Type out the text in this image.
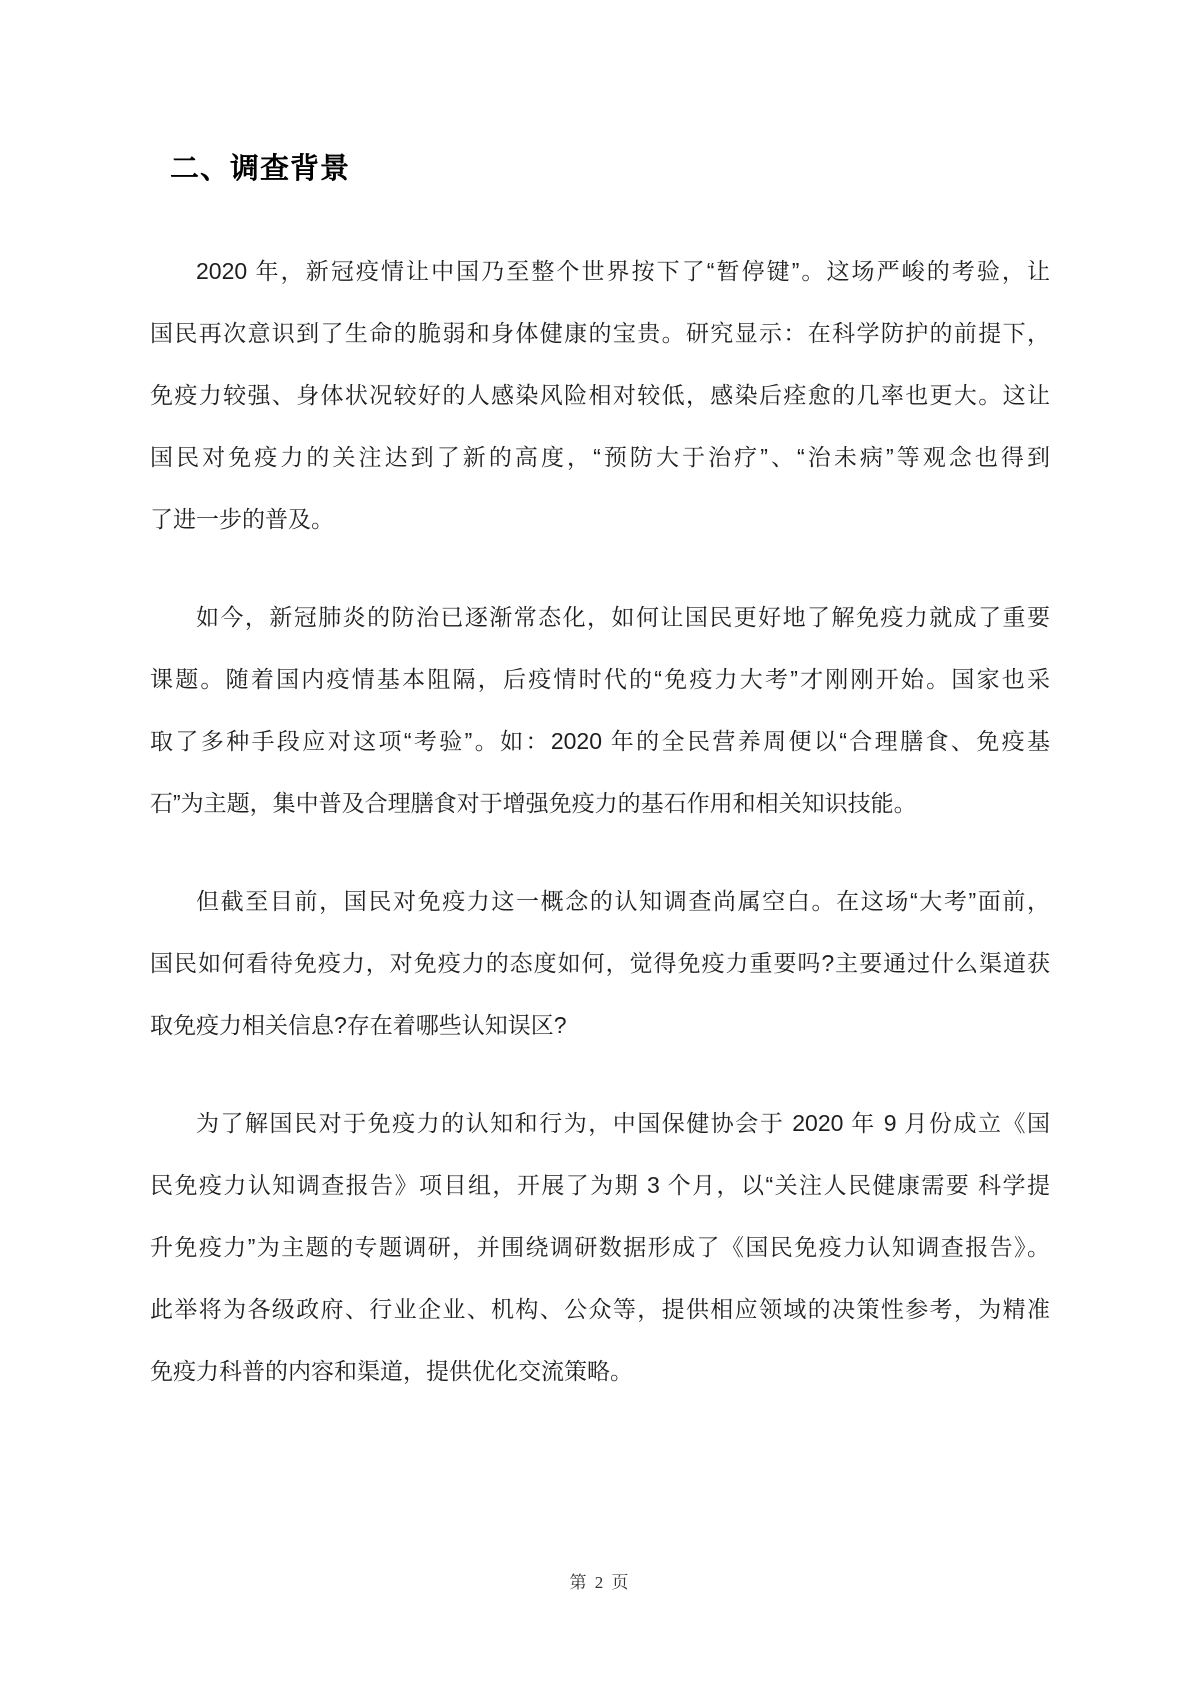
二、调查背景
2020 年，新冠疫情让中国乃至整个世界按下了“暂停键”。这场严峻的考验，让
国民再次意识到了生命的脆弱和身体健康的宝贵。研究显示：在科学防护的前提下，
免疫力较强、身体状况较好的人感染风险相对较低，感染后痊愈的几率也更大。这让
国民对免疫力的关注达到了新的高度，“预防大于治疗”、“治未病”等观念也得到
了进一步的普及。
如今，新冠肺炎的防治已逐渐常态化，如何让国民更好地了解免疫力就成了重要
课题。随着国内疫情基本阻隔，后疫情时代的“免疫力大考”才刚刚开始。国家也采
取了多种手段应对这项“考验”。如：2020 年的全民营养周便以“合理膳食、免疫基
石”为主题，集中普及合理膳食对于增强免疫力的基石作用和相关知识技能。
但截至目前，国民对免疫力这一概念的认知调查尚属空白。在这场“大考”面前，
国民如何看待免疫力，对免疫力的态度如何，觉得免疫力重要吗?主要通过什么渠道获
取免疫力相关信息?存在着哪些认知误区?
为了解国民对于免疫力的认知和行为，中国保健协会于 2020 年 9 月份成立《国
民免疫力认知调查报告》项目组，开展了为期 3 个月，以“关注人民健康需要 科学提
升免疫力”为主题的专题调研，并围绕调研数据形成了《国民免疫力认知调查报告》。
此举将为各级政府、行业企业、机构、公众等，提供相应领域的决策性参考，为精准
免疫力科普的内容和渠道，提供优化交流策略。
第 2 页
